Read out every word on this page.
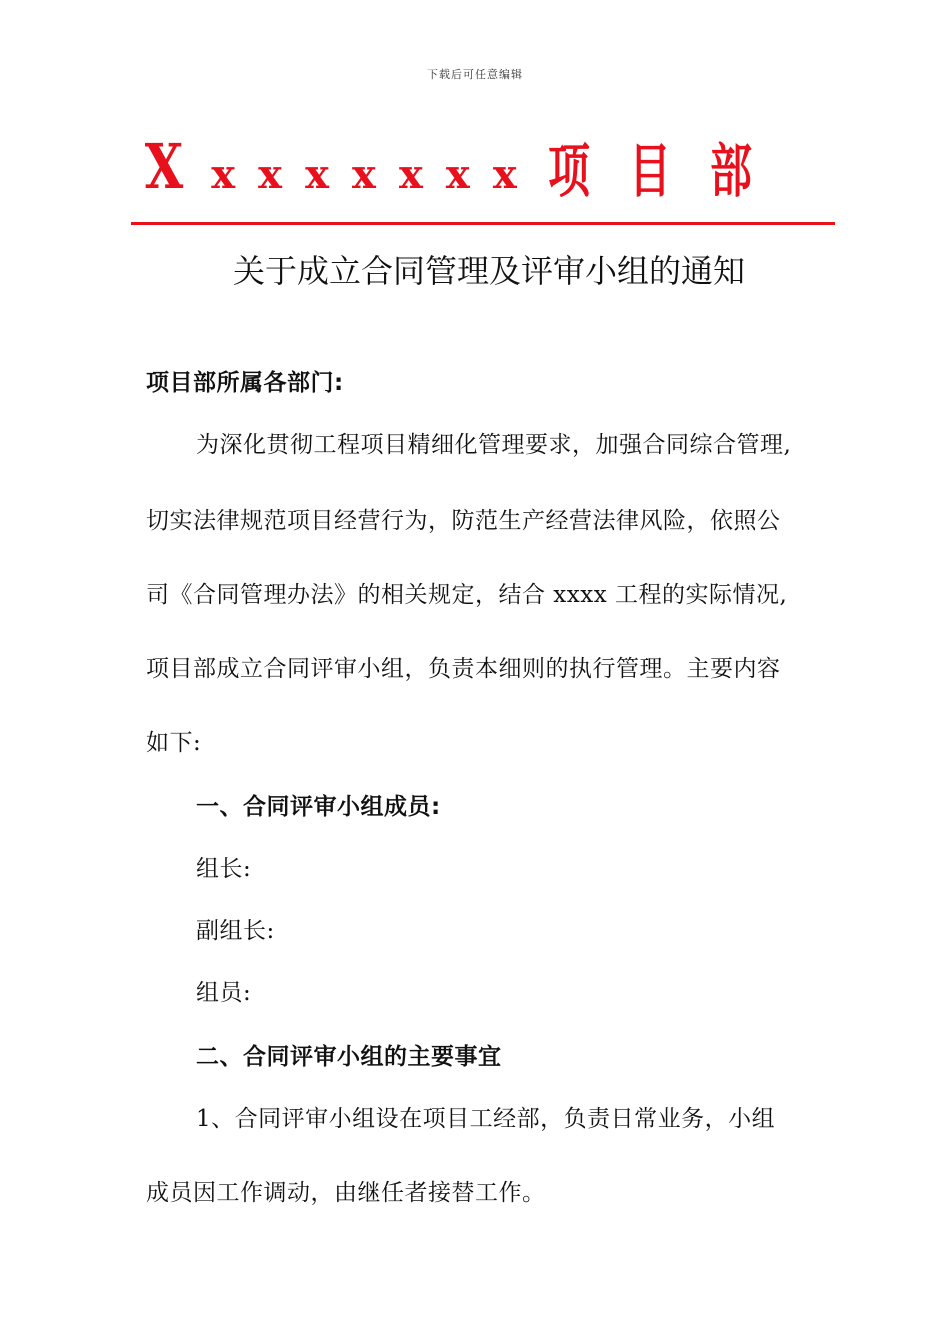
下载后可任意编辑
X x x x x x x x 项 目 部
关于成立合同管理及评审小组的通知
项目部所属各部门:
为深化贯彻工程项目精细化管理要求，加强合同综合管理,
切实法律规范项目经营行为，防范生产经营法律风险，依照公
司《合同管理办法》的相关规定，结合 xxxx 工程的实际情况,
项目部成立合同评审小组，负责本细则的执行管理。主要内容
如下:
一、合同评审小组成员:
组长:
副组长:
组员:
二、合同评审小组的主要事宜
1、合同评审小组设在项目工经部，负责日常业务，小组
成员因工作调动，由继任者接替工作。
